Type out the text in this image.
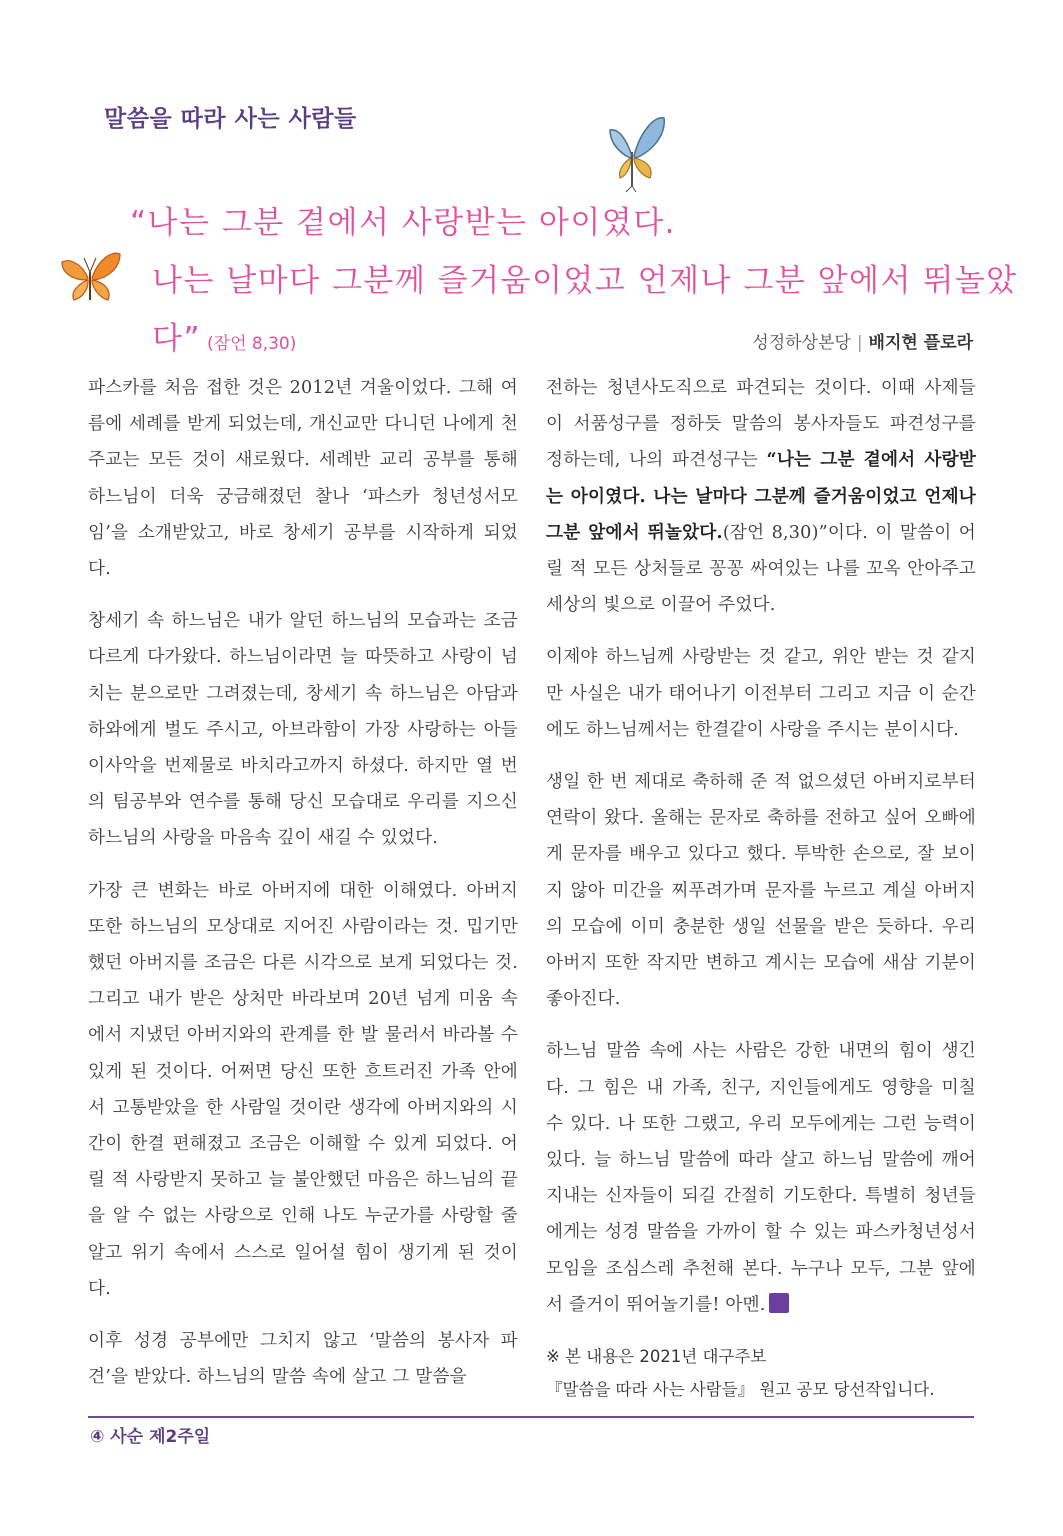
말씀을 따라 사는 사람들
“나는 그분 곁에서 사랑받는 아이였다.
나는 날마다 그분께 즐거움이었고 언제나 그분 앞에서 뛰놀았다” (잠언 8,30)	성정하상본당 | 배지현 플로라

파스카를 처음 접한 것은 2012년 겨울이었다. 그해 여름에 세례를 받게 되었는데, 개신교만 다니던 나에게 천주교는 모든 것이 새로웠다. 세례반 교리 공부를 통해 하느님이 더욱 궁금해졌던 찰나 ‘파스카 청년성서모임’을 소개받았고, 바로 창세기 공부를 시작하게 되었다.

창세기 속 하느님은 내가 알던 하느님의 모습과는 조금 다르게 다가왔다. 하느님이라면 늘 따뜻하고 사랑이 넘치는 분으로만 그려졌는데, 창세기 속 하느님은 아담과 하와에게 벌도 주시고, 아브라함이 가장 사랑하는 아들 이사악을 번제물로 바치라고까지 하셨다. 하지만 열 번의 팀공부와 연수를 통해 당신 모습대로 우리를 지으신 하느님의 사랑을 마음속 깊이 새길 수 있었다.

가장 큰 변화는 바로 아버지에 대한 이해였다. 아버지 또한 하느님의 모상대로 지어진 사람이라는 것. 밉기만 했던 아버지를 조금은 다른 시각으로 보게 되었다는 것. 그리고 내가 받은 상처만 바라보며 20년 넘게 미움 속에서 지냈던 아버지와의 관계를 한 발 물러서 바라볼 수 있게 된 것이다. 어쩌면 당신 또한 흐트러진 가족 안에서 고통받았을 한 사람일 것이란 생각에 아버지와의 시간이 한결 편해졌고 조금은 이해할 수 있게 되었다. 어릴 적 사랑받지 못하고 늘 불안했던 마음은 하느님의 끝을 알 수 없는 사랑으로 인해 나도 누군가를 사랑할 줄 알고 위기 속에서 스스로 일어설 힘이 생기게 된 것이다.

이후 성경 공부에만 그치지 않고 ‘말씀의 봉사자 파견’을 받았다. 하느님의 말씀 속에 살고 그 말씀을

전하는 청년사도직으로 파견되는 것이다. 이때 사제들이 서품성구를 정하듯 말씀의 봉사자들도 파견성구를 정하는데, 나의 파견성구는 “나는 그분 곁에서 사랑받는 아이였다. 나는 날마다 그분께 즐거움이었고 언제나 그분 앞에서 뛰놀았다.(잠언 8,30)”이다. 이 말씀이 어릴 적 모든 상처들로 꽁꽁 싸여있는 나를 꼬옥 안아주고 세상의 빛으로 이끌어 주었다.

이제야 하느님께 사랑받는 것 같고, 위안 받는 것 같지만 사실은 내가 태어나기 이전부터 그리고 지금 이 순간에도 하느님께서는 한결같이 사랑을 주시는 분이시다.

생일 한 번 제대로 축하해 준 적 없으셨던 아버지로부터 연락이 왔다. 올해는 문자로 축하를 전하고 싶어 오빠에게 문자를 배우고 있다고 했다. 투박한 손으로, 잘 보이지 않아 미간을 찌푸려가며 문자를 누르고 계실 아버지의 모습에 이미 충분한 생일 선물을 받은 듯하다. 우리 아버지 또한 작지만 변하고 계시는 모습에 새삼 기분이 좋아진다.

하느님 말씀 속에 사는 사람은 강한 내면의 힘이 생긴다. 그 힘은 내 가족, 친구, 지인들에게도 영향을 미칠 수 있다. 나 또한 그랬고, 우리 모두에게는 그런 능력이 있다. 늘 하느님 말씀에 따라 살고 하느님 말씀에 깨어 지내는 신자들이 되길 간절히 기도한다. 특별히 청년들에게는 성경 말씀을 가까이 할 수 있는 파스카청년성서모임을 조심스레 추천해 본다. 누구나 모두, 그분 앞에서 즐거이 뛰어놀기를! 아멘.

※ 본 내용은 2021년 대구주보
『말씀을 따라 사는 사람들』 원고 공모 당선작입니다.
④ 사순 제2주일
